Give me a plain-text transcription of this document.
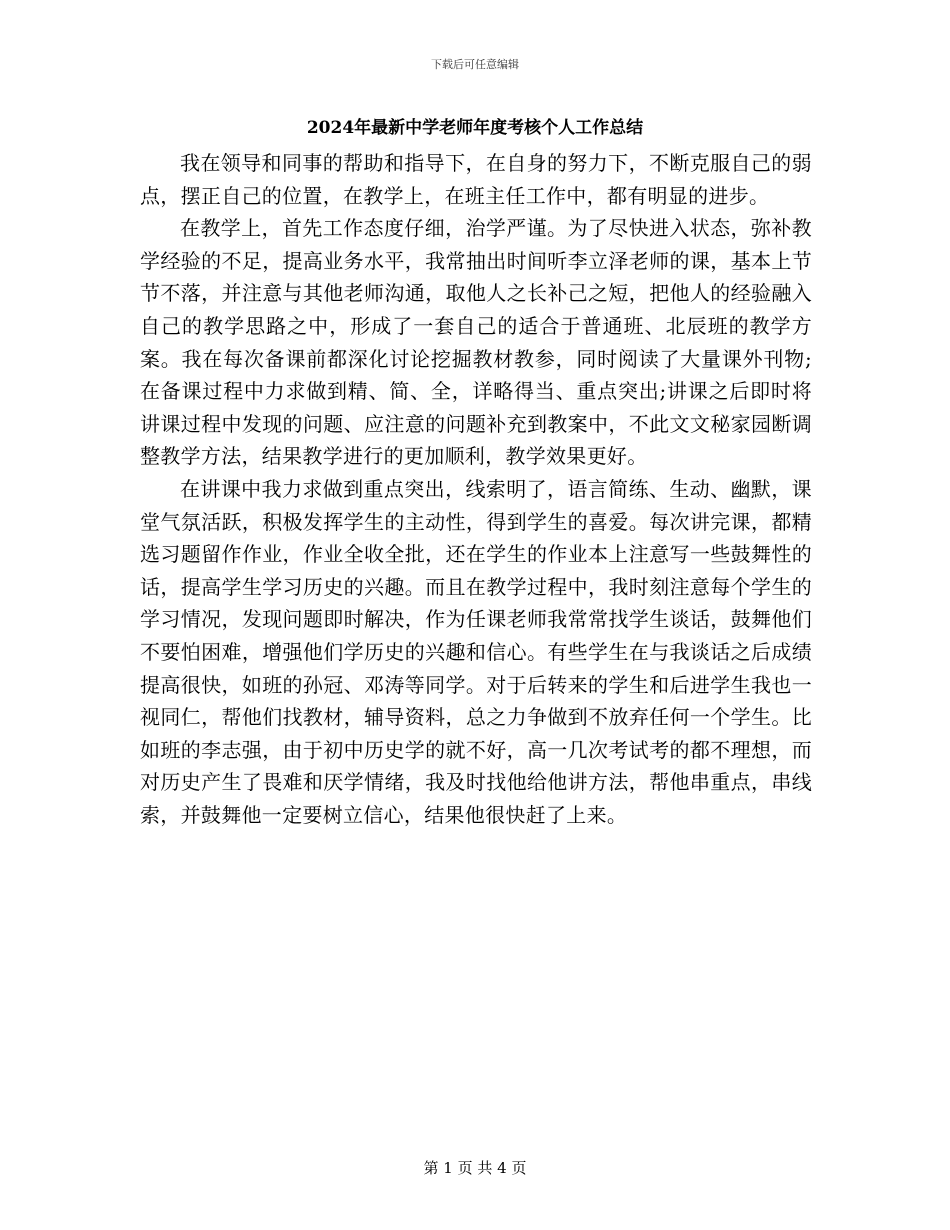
下载后可任意编辑
2024年最新中学老师年度考核个人工作总结

我在领导和同事的帮助和指导下，在自身的努力下，不断克服自己的弱点，摆正自己的位置，在教学上，在班主任工作中，都有明显的进步。

在教学上，首先工作态度仔细，治学严谨。为了尽快进入状态，弥补教学经验的不足，提高业务水平，我常抽出时间听李立泽老师的课，基本上节节不落，并注意与其他老师沟通，取他人之长补己之短，把他人的经验融入自己的教学思路之中，形成了一套自己的适合于普通班、北辰班的教学方案。我在每次备课前都深化讨论挖掘教材教参，同时阅读了大量课外刊物;在备课过程中力求做到精、简、全，详略得当、重点突出;讲课之后即时将讲课过程中发现的问题、应注意的问题补充到教案中，不此文文秘家园断调整教学方法，结果教学进行的更加顺利，教学效果更好。

在讲课中我力求做到重点突出，线索明了，语言简练、生动、幽默，课堂气氛活跃，积极发挥学生的主动性，得到学生的喜爱。每次讲完课，都精选习题留作作业，作业全收全批，还在学生的作业本上注意写一些鼓舞性的话，提高学生学习历史的兴趣。而且在教学过程中，我时刻注意每个学生的学习情况，发现问题即时解决，作为任课老师我常常找学生谈话，鼓舞他们不要怕困难，增强他们学历史的兴趣和信心。有些学生在与我谈话之后成绩提高很快，如班的孙冠、邓涛等同学。对于后转来的学生和后进学生我也一视同仁，帮他们找教材，辅导资料，总之力争做到不放弃任何一个学生。比如班的李志强，由于初中历史学的就不好，高一几次考试考的都不理想，而对历史产生了畏难和厌学情绪，我及时找他给他讲方法，帮他串重点，串线索，并鼓舞他一定要树立信心，结果他很快赶了上来。

第 1 页 共 4 页
